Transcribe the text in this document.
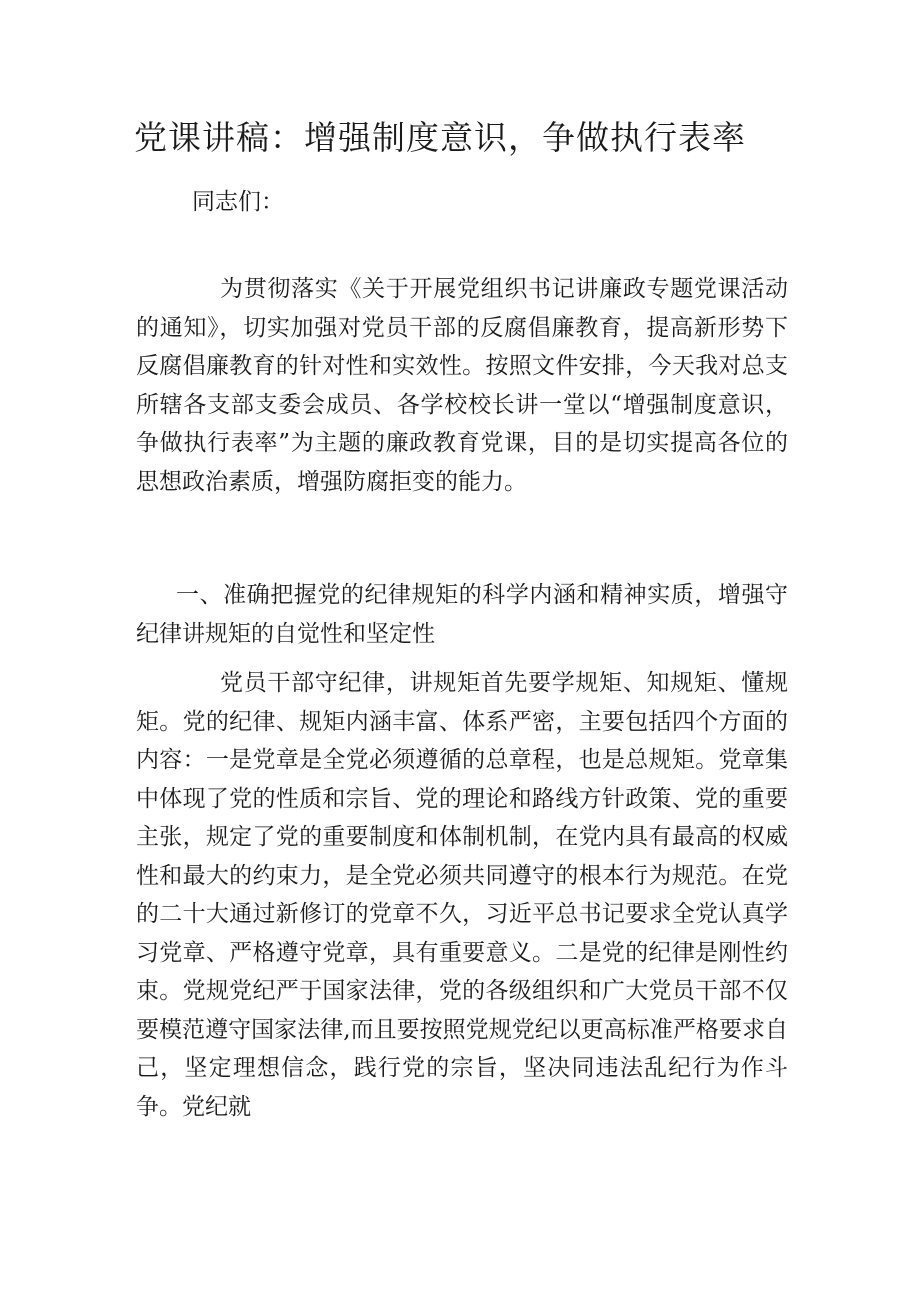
党课讲稿：增强制度意识，争做执行表率

同志们：

为贯彻落实《关于开展党组织书记讲廉政专题党课活动的通知》，切实加强对党员干部的反腐倡廉教育，提高新形势下反腐倡廉教育的针对性和实效性。按照文件安排，今天我对总支所辖各支部支委会成员、各学校校长讲一堂以“增强制度意识，争做执行表率”为主题的廉政教育党课，目的是切实提高各位的思想政治素质，增强防腐拒变的能力。

一、准确把握党的纪律规矩的科学内涵和精神实质，增强守纪律讲规矩的自觉性和坚定性

党员干部守纪律，讲规矩首先要学规矩、知规矩、懂规矩。党的纪律、规矩内涵丰富、体系严密，主要包括四个方面的内容：一是党章是全党必须遵循的总章程，也是总规矩。党章集中体现了党的性质和宗旨、党的理论和路线方针政策、党的重要主张，规定了党的重要制度和体制机制，在党内具有最高的权威性和最大的约束力，是全党必须共同遵守的根本行为规范。在党的二十大通过新修订的党章不久，习近平总书记要求全党认真学习党章、严格遵守党章，具有重要意义。二是党的纪律是刚性约束。党规党纪严于国家法律，党的各级组织和广大党员干部不仅要模范遵守国家法律,而且要按照党规党纪以更高标准严格要求自己，坚定理想信念，践行党的宗旨，坚决同违法乱纪行为作斗争。党纪就
